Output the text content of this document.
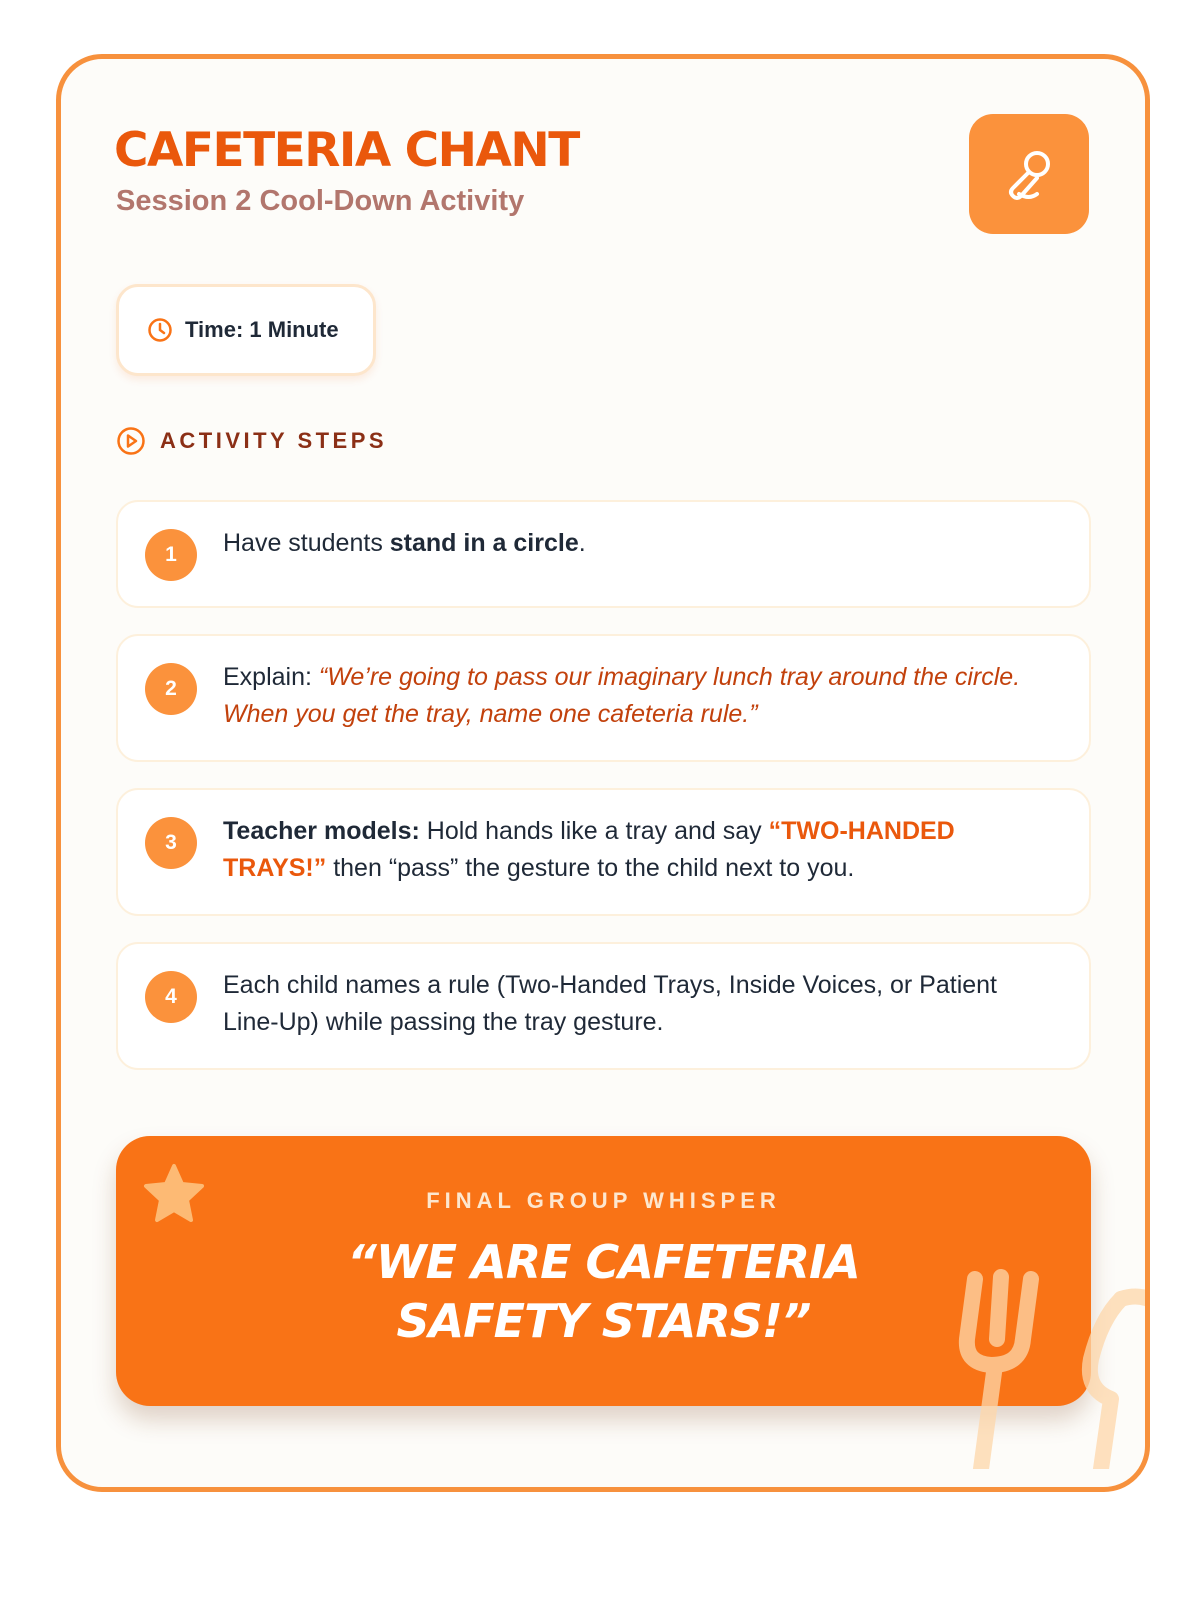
CAFETERIA CHANT
Session 2 Cool-Down Activity
Time: 1 Minute
ACTIVITY STEPS
1	Have students stand in a circle.
2	Explain: “We’re going to pass our imaginary lunch tray around the circle. When you get the tray, name one cafeteria rule.”
3	Teacher models: Hold hands like a tray and say “TWO-HANDED TRAYS!” then “pass” the gesture to the child next to you.
4	Each child names a rule (Two-Handed Trays, Inside Voices, or Patient Line-Up) while passing the tray gesture.
FINAL GROUP WHISPER
“WE ARE CAFETERIA
SAFETY STARS!”
